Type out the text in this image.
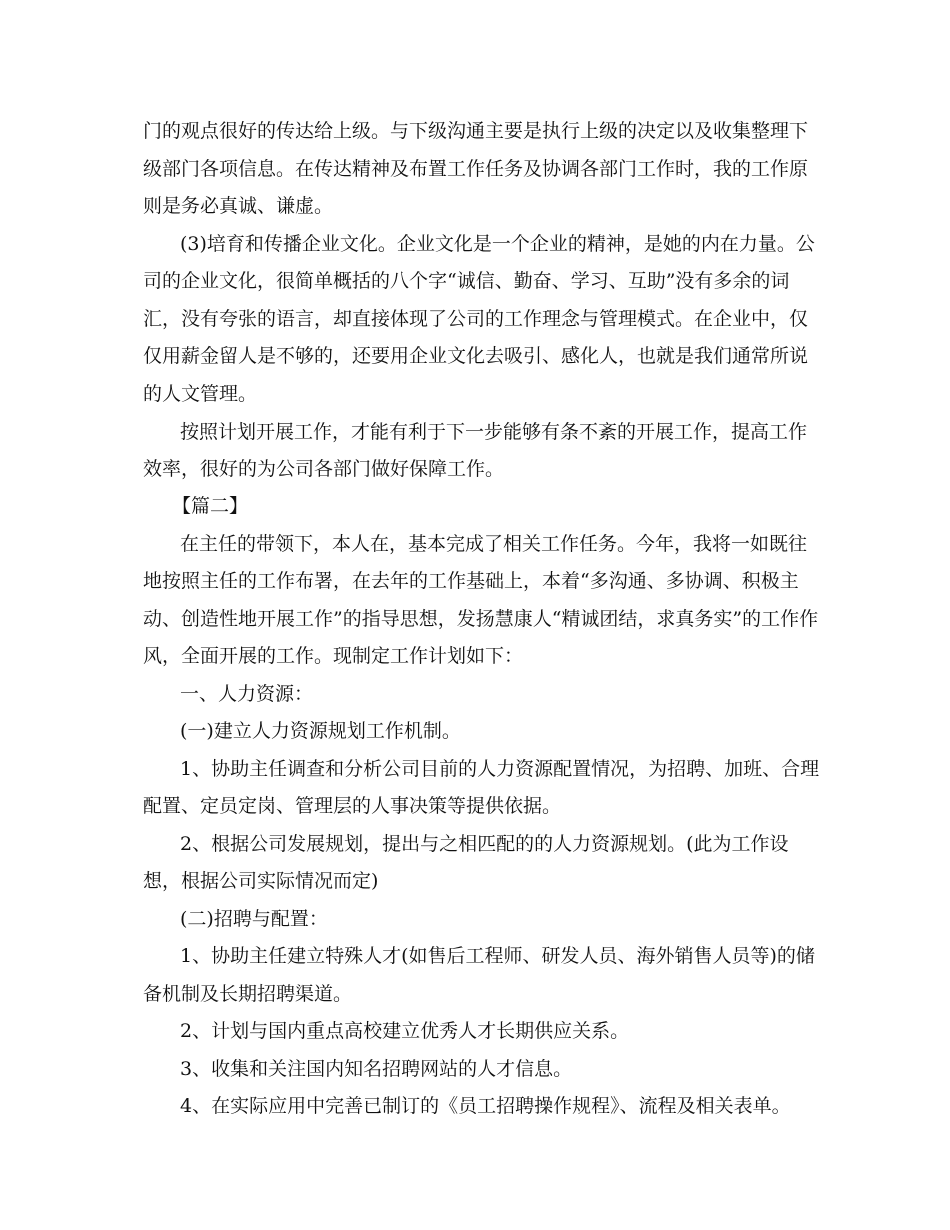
门的观点很好的传达给上级。与下级沟通主要是执行上级的决定以及收集整理下

级部门各项信息。在传达精神及布置工作任务及协调各部门工作时，我的工作原

则是务必真诚、谦虚。

(3)培育和传播企业文化。企业文化是一个企业的精神，是她的内在力量。公

司的企业文化，很简单概括的八个字“诚信、勤奋、学习、互助”没有多余的词

汇，没有夸张的语言，却直接体现了公司的工作理念与管理模式。在企业中，仅

仅用薪金留人是不够的，还要用企业文化去吸引、感化人，也就是我们通常所说

的人文管理。

按照计划开展工作，才能有利于下一步能够有条不紊的开展工作，提高工作

效率，很好的为公司各部门做好保障工作。

【篇二】

在主任的带领下，本人在，基本完成了相关工作任务。今年，我将一如既往

地按照主任的工作布署，在去年的工作基础上，本着“多沟通、多协调、积极主

动、创造性地开展工作”的指导思想，发扬慧康人“精诚团结，求真务实”的工作作

风，全面开展的工作。现制定工作计划如下：

一、人力资源：

(一)建立人力资源规划工作机制。

1、协助主任调查和分析公司目前的人力资源配置情况，为招聘、加班、合理

配置、定员定岗、管理层的人事决策等提供依据。

2、根据公司发展规划，提出与之相匹配的的人力资源规划。(此为工作设

想，根据公司实际情况而定)

(二)招聘与配置：

1、协助主任建立特殊人才(如售后工程师、研发人员、海外销售人员等)的储

备机制及长期招聘渠道。

2、计划与国内重点高校建立优秀人才长期供应关系。

3、收集和关注国内知名招聘网站的人才信息。

4、在实际应用中完善已制订的《员工招聘操作规程》、流程及相关表单。
